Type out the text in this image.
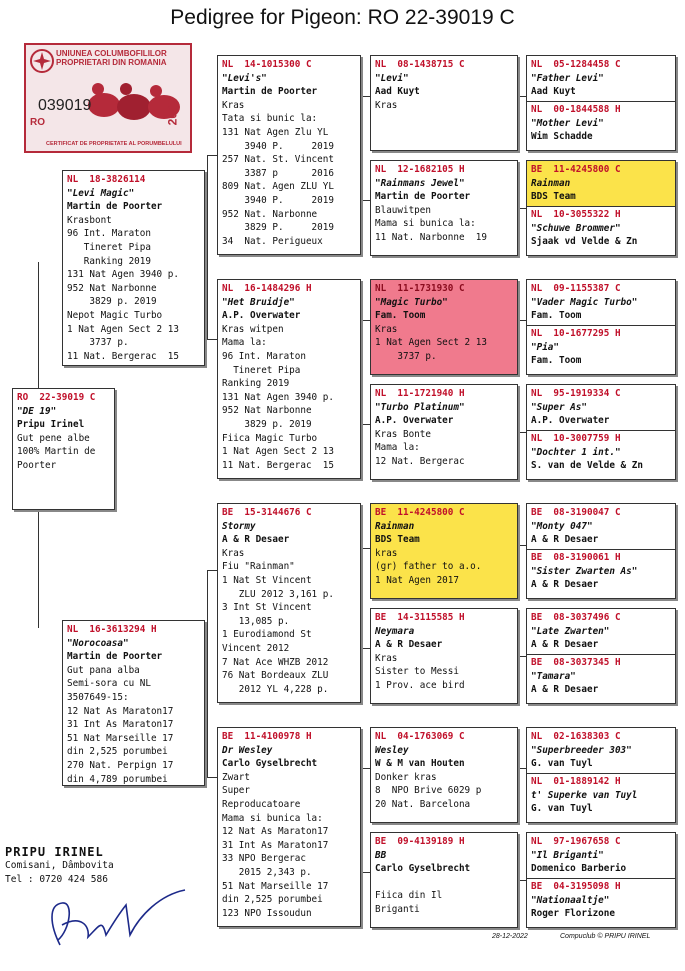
Pedigree for Pigeon: RO 22-39019 C
UNIUNEA COLUMBOFILILOR
PROPRIETARI DIN ROMANIA
039019
RO	2022
CERTIFICAT DE PROPRIETATE AL PORUMBELULUI
RO  22-39019 C
"DE 19"
Pripu Irinel
Gut pene albe
100% Martin de
Poorter
NL  18-3826114
"Levi Magic"
Martin de Poorter
Krasbont
96 Int. Maraton
Tineret Pipa
Ranking 2019
131 Nat Agen 3940 p.
952 Nat Narbonne
3829 p. 2019
Nepot Magic Turbo
1 Nat Agen Sect 2 13
3737 p.
11 Nat. Bergerac  15
NL  16-3613294 H
"Norocoasa"
Martin de Poorter
Gut pana alba
Semi-sora cu NL
3507649-15:
12 Nat As Maraton17
31 Int As Maraton17
51 Nat Marseille 17
din 2,525 porumbei
270 Nat. Perpign 17
din 4,789 porumbei
NL  14-1015300 C
"Levi's"
Martin de Poorter
Kras
Tata si bunic la:
131 Nat Agen Zlu YL
3940 P.     2019
257 Nat. St. Vincent
3387 p      2016
809 Nat. Agen ZLU YL
3940 P.     2019
952 Nat. Narbonne
3829 P.     2019
34  Nat. Perigueux
NL  16-1484296 H
"Het Bruidje"
A.P. Overwater
Kras witpen
Mama la:
96 Int. Maraton
Tineret Pipa
Ranking 2019
131 Nat Agen 3940 p.
952 Nat Narbonne
3829 p. 2019
Fiica Magic Turbo
1 Nat Agen Sect 2 13
11 Nat. Bergerac  15
BE  15-3144676 C
Stormy
A & R Desaer
Kras
Fiu "Rainman"
1 Nat St Vincent
ZLU 2012 3,161 p.
3 Int St Vincent
13,085 p.
1 Eurodiamond St
Vincent 2012
7 Nat Ace WHZB 2012
76 Nat Bordeaux ZLU
2012 YL 4,228 p.
BE  11-4100978 H
Dr Wesley
Carlo Gyselbrecht
Zwart
Super
Reproducatoare
Mama si bunica la:
12 Nat As Maraton17
31 Int As Maraton17
33 NPO Bergerac
2015 2,343 p.
51 Nat Marseille 17
din 2,525 porumbei
123 NPO Issoudun
NL  08-1438715 C
"Levi"
Aad Kuyt
Kras
NL  12-1682105 H
"Rainmans Jewel"
Martin de Poorter
Blauwitpen
Mama si bunica la:
11 Nat. Narbonne  19
NL  11-1731930 C
"Magic Turbo"
Fam. Toom
Kras
1 Nat Agen Sect 2 13
3737 p.
NL  11-1721940 H
"Turbo Platinum"
A.P. Overwater
Kras Bonte
Mama la:
12 Nat. Bergerac
BE  11-4245800 C
Rainman
BDS Team
kras
(gr) father to a.o.
1 Nat Agen 2017
BE  14-3115585 H
Neymara
A & R Desaer
Kras
Sister to Messi
1 Prov. ace bird
NL  04-1763069 C
Wesley
W & M van Houten
Donker kras
8  NPO Brive 6029 p
20 Nat. Barcelona
BE  09-4139189 H
BB
Carlo Gyselbrecht

Fiica din Il
Briganti
NL  05-1284458 C
"Father Levi"
Aad Kuyt
NL  00-1844588 H
"Mother Levi"
Wim Schadde
BE  11-4245800 C
Rainman
BDS Team
NL  10-3055322 H
"Schuwe Brommer"
Sjaak vd Velde & Zn
NL  09-1155387 C
"Vader Magic Turbo"
Fam. Toom
NL  10-1677295 H
"Pia"
Fam. Toom
NL  95-1919334 C
"Super As"
A.P. Overwater
NL  10-3007759 H
"Dochter 1 int."
S. van de Velde & Zn
BE  08-3190047 C
"Monty 047"
A & R Desaer
BE  08-3190061 H
"Sister Zwarten As"
A & R Desaer
BE  08-3037496 C
"Late Zwarten"
A & R Desaer
BE  08-3037345 H
"Tamara"
A & R Desaer
NL  02-1638303 C
"Superbreeder 303"
G. van Tuyl
NL  01-1889142 H
t' Superke van Tuyl
G. van Tuyl
NL  97-1967658 C
"Il Briganti"
Domenico Barberio
BE  04-3195098 H
"Nationaaltje"
Roger Florizone
PRIPU IRINEL
Comisani, Dâmbovita
Tel : 0720 424 586
28-12-2022	Compuclub © PRIPU IRINEL
